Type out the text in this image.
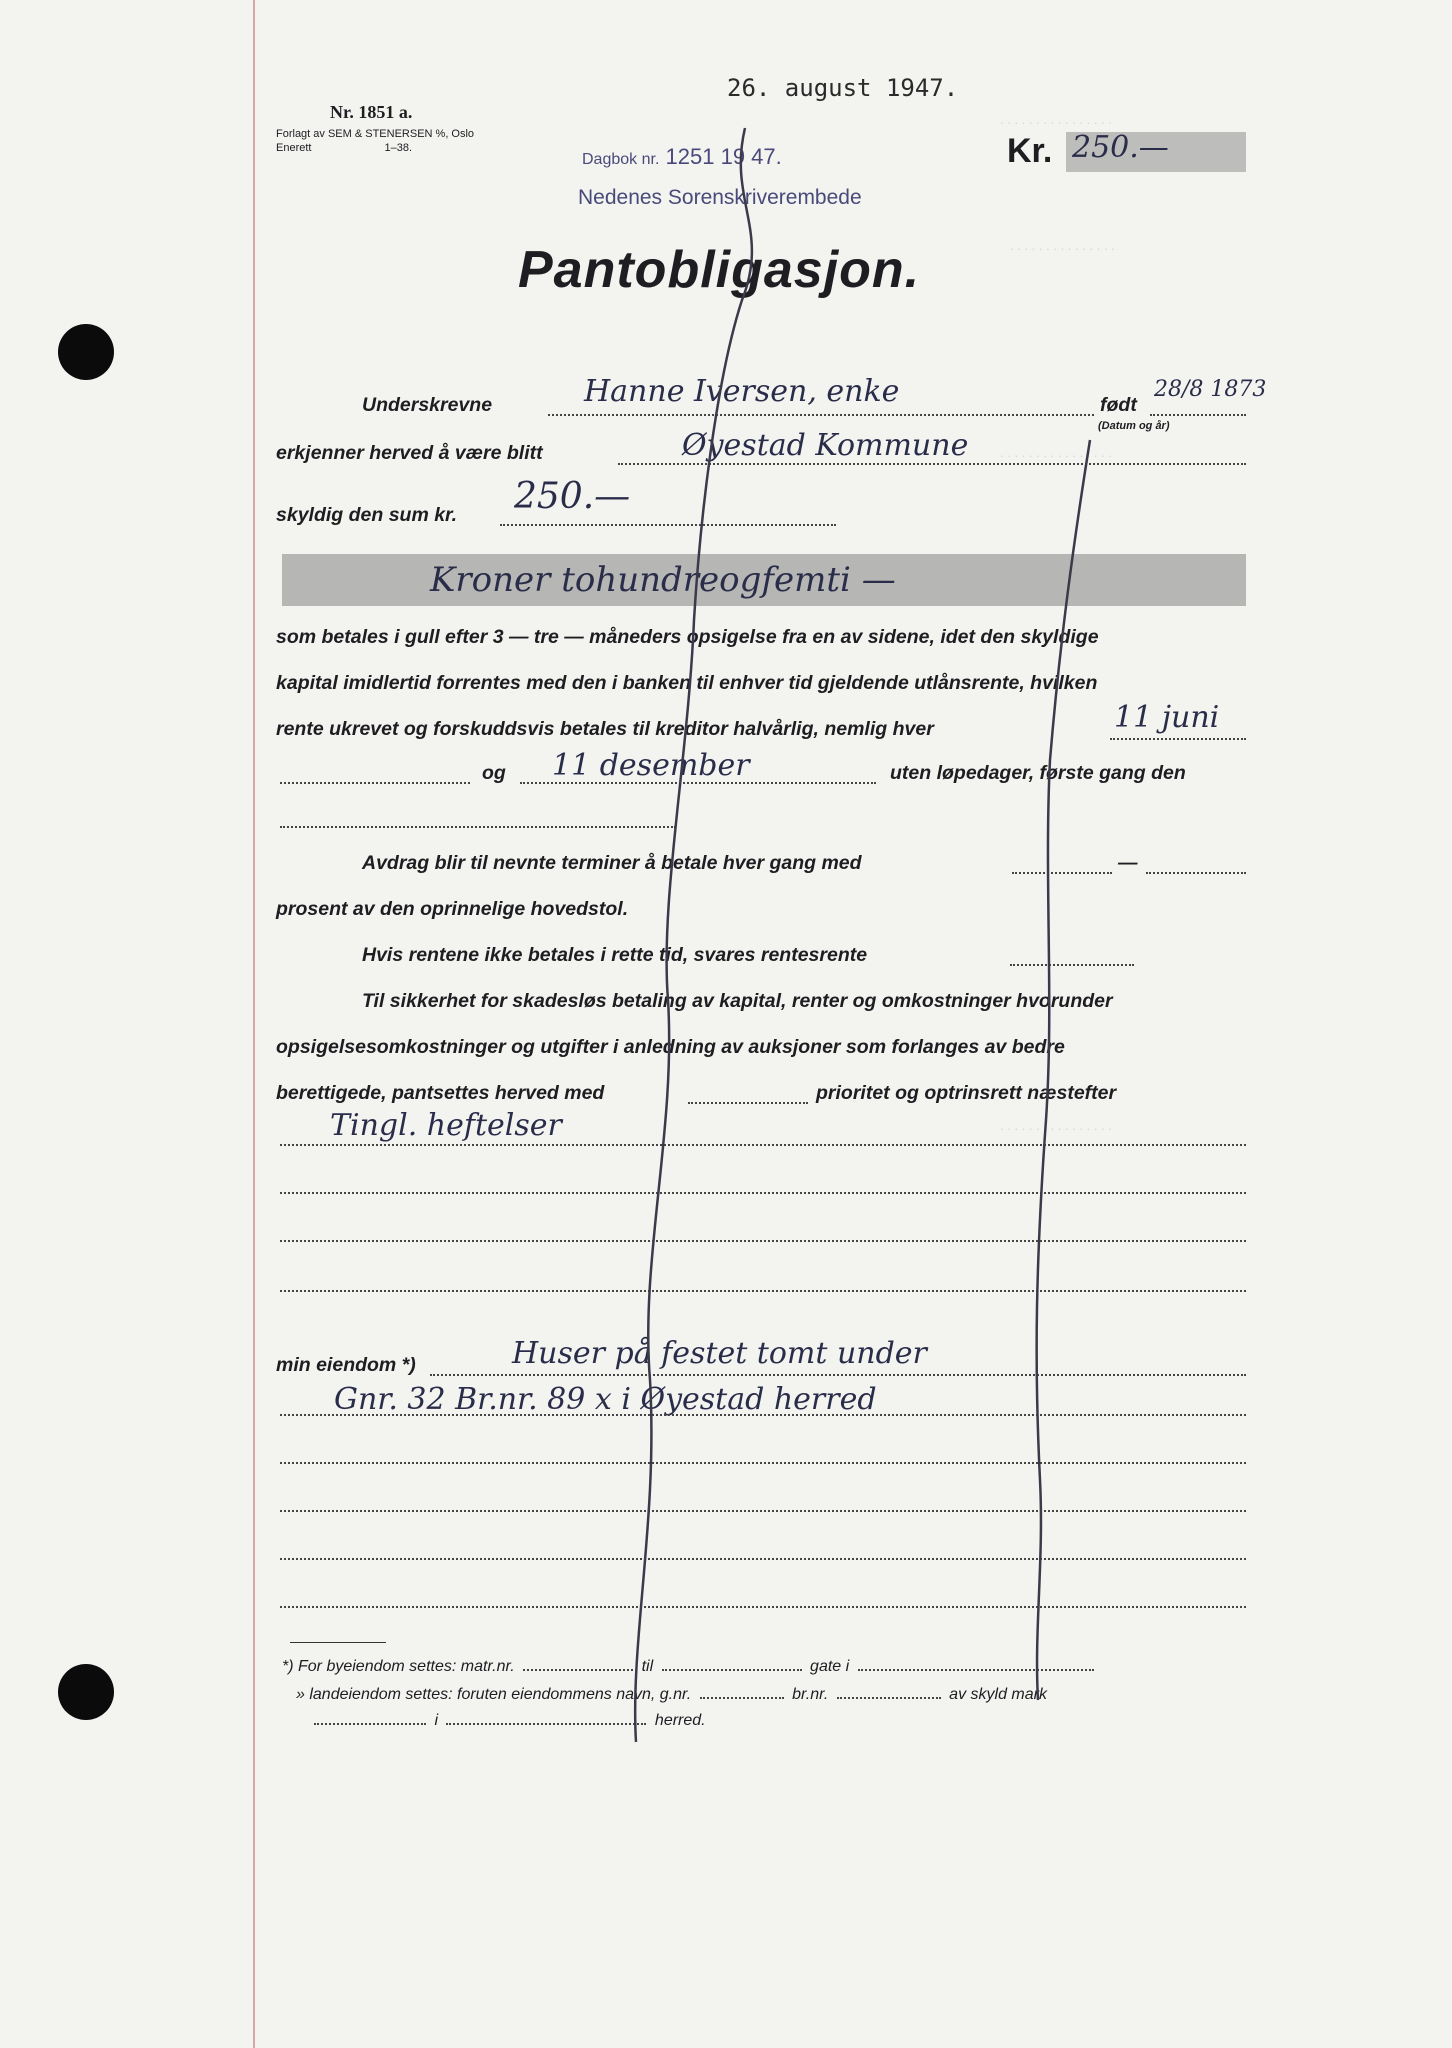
. . . . . . . . . . . . . . . .
. . . . . . . . . . . . . . .
. . . . . . . . . . . . . . . .
. . . . . . . . . . . . . . . .
Nr. 1851 a.
Forlagt av SEM & STENERSEN %, Oslo
Enerett	1–38.
26. august 1947.
Dagbok nr. 1251 19 47.
Nedenes Sorenskriverembede
Kr. 250.—
Pantobligasjon.
Underskrevne	Hanne Iversen, enke	født
28/8 1873
(Datum og år)
erkjenner herved å være blitt	Øyestad Kommune
skyldig den sum kr. 250.—
Kroner tohundreogfemti —
som betales i gull efter 3 — tre — måneders opsigelse fra en av sidene, idet den skyldige
kapital imidlertid forrentes med den i banken til enhver tid gjeldende utlånsrente, hvilken
rente ukrevet og forskuddsvis betales til kreditor halvårlig, nemlig hver	11 juni
og 11 desember	uten løpedager, første gang den
Avdrag blir til nevnte terminer å betale hver gang med	—
prosent av den oprinnelige hovedstol.
Hvis rentene ikke betales i rette tid, svares rentesrente
Til sikkerhet for skadesløs betaling av kapital, renter og omkostninger hvorunder
opsigelsesomkostninger og utgifter i anledning av auksjoner som forlanges av bedre
berettigede, pantsettes herved med	prioritet og optrinsrett næstefter
Tingl. heftelser
min eiendom *)	Huser på festet tomt under
Gnr. 32 Br.nr. 89 x i Øyestad herred
*) For byeiendom settes: matr.nr.	til	gate i
» landeiendom settes: foruten eiendommens navn, g.nr.	br.nr.	av skyld mark
i	herred.
